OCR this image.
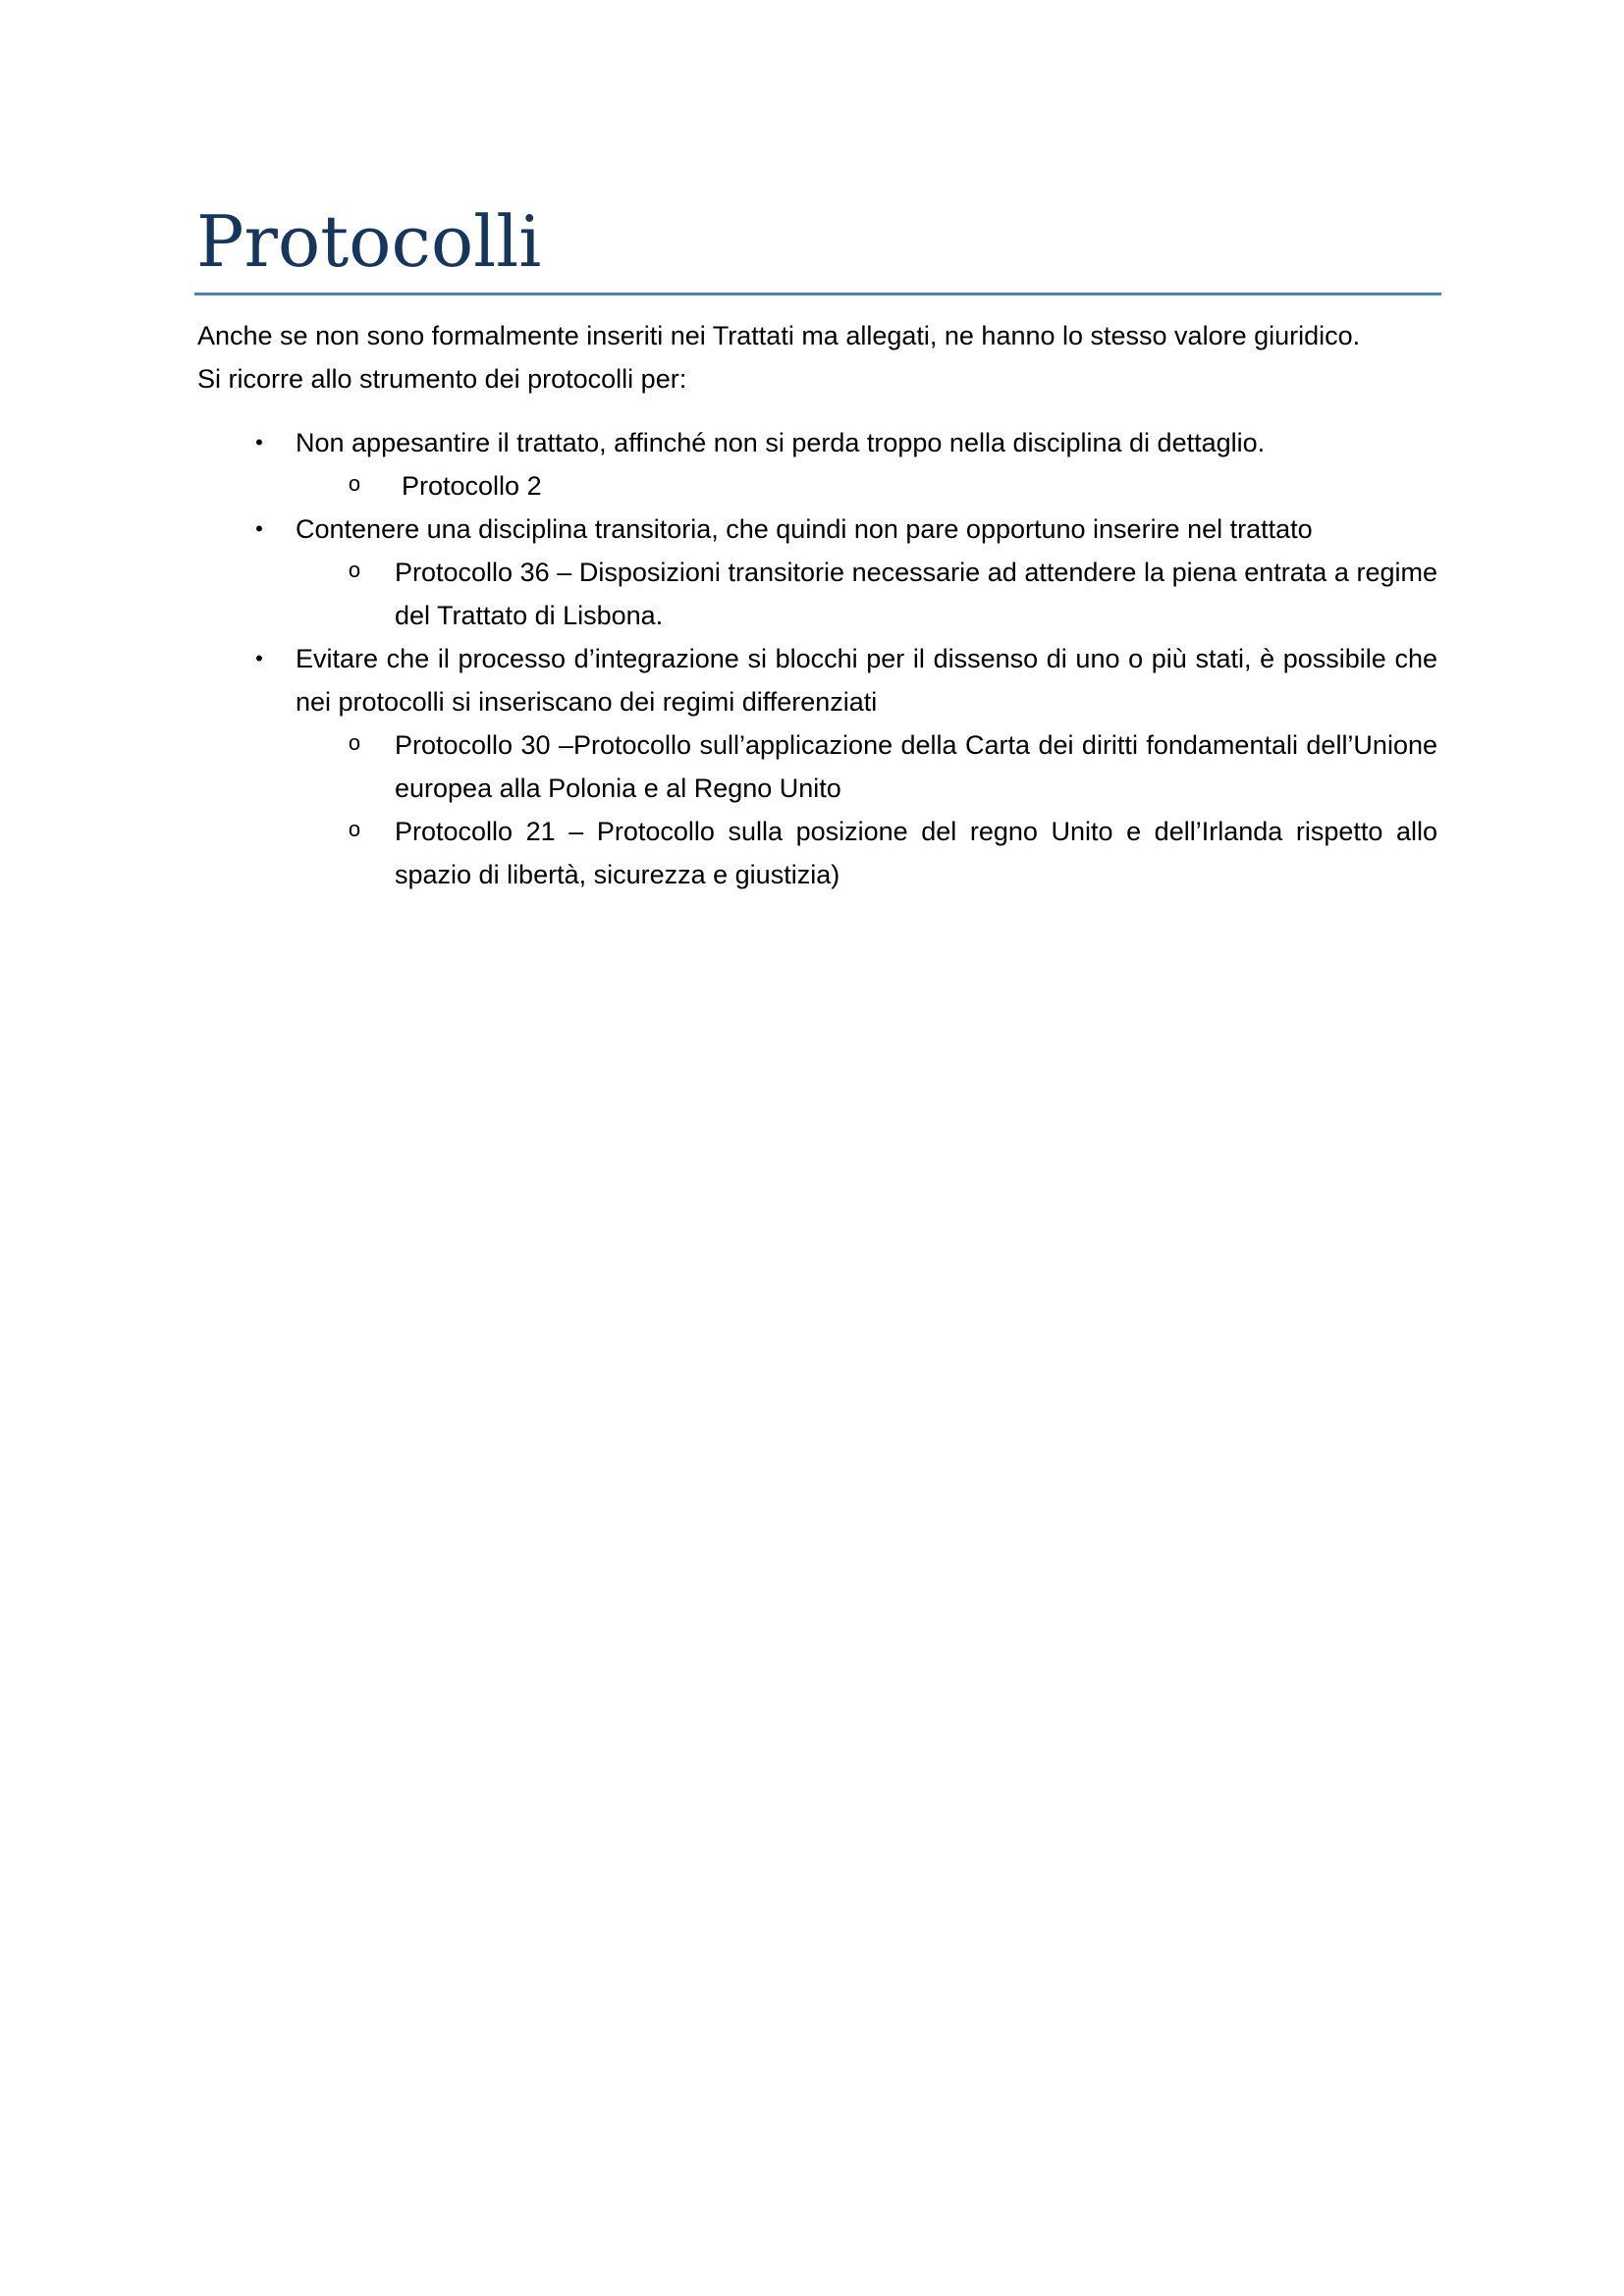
Protocolli

Anche se non sono formalmente inseriti nei Trattati ma allegati, ne hanno lo stesso valore giuridico.

Si ricorre allo strumento dei protocolli per:

• Non appesantire il trattato, affinché non si perda troppo nella disciplina di dettaglio.
o Protocollo 2
• Contenere una disciplina transitoria, che quindi non pare opportuno inserire nel trattato
o Protocollo 36 – Disposizioni transitorie necessarie ad attendere la piena entrata a regime del Trattato di Lisbona.
• Evitare che il processo d’integrazione si blocchi per il dissenso di uno o più stati, è possibile che nei protocolli si inseriscano dei regimi differenziati
o Protocollo 30 –Protocollo sull’applicazione della Carta dei diritti fondamentali dell’Unione europea alla Polonia e al Regno Unito
o Protocollo 21 – Protocollo sulla posizione del regno Unito e dell’Irlanda rispetto allo spazio di libertà, sicurezza e giustizia)
